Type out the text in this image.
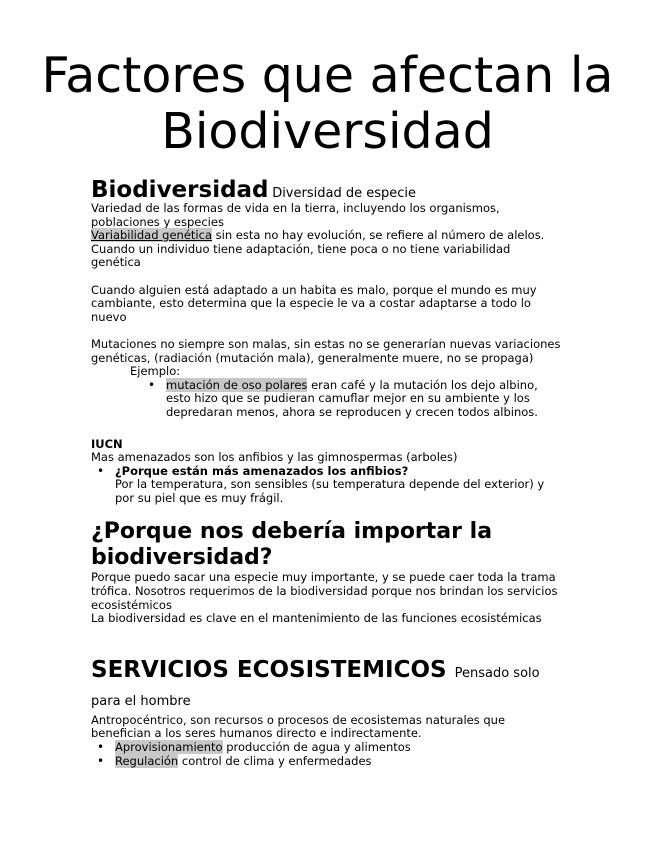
Factores que afectan la
Biodiversidad

Biodiversidad Diversidad de especie

Variedad de las formas de vida en la tierra, incluyendo los organismos, poblaciones y especies

Variabilidad genética sin esta no hay evolución, se refiere al número de alelos.

Cuando un individuo tiene adaptación, tiene poca o no tiene variabilidad genética

Cuando alguien está adaptado a un habita es malo, porque el mundo es muy cambiante, esto determina que la especie le va a costar adaptarse a todo lo nuevo

Mutaciones no siempre son malas, sin estas no se generarían nuevas variaciones genéticas, (radiación (mutación mala), generalmente muere, no se propaga)

Ejemplo:

• mutación de oso polares eran café y la mutación los dejo albino, esto hizo que se pudieran camuflar mejor en su ambiente y los depredaran menos, ahora se reproducen y crecen todos albinos.

IUCN

Mas amenazados son los anfibios y las gimnospermas (arboles)

• ¿Porque están más amenazados los anfibios?
Por la temperatura, son sensibles (su temperatura depende del exterior) y por su piel que es muy frágil.

¿Porque nos debería importar la biodiversidad?

Porque puedo sacar una especie muy importante, y se puede caer toda la trama trófica. Nosotros requerimos de la biodiversidad porque nos brindan los servicios ecosistémicos

La biodiversidad es clave en el mantenimiento de las funciones ecosistémicas

SERVICIOS ECOSISTEMICOS Pensado solo para el hombre

Antropocéntrico, son recursos o procesos de ecosistemas naturales que benefician a los seres humanos directo e indirectamente.

• Aprovisionamiento producción de agua y alimentos
• Regulación control de clima y enfermedades
